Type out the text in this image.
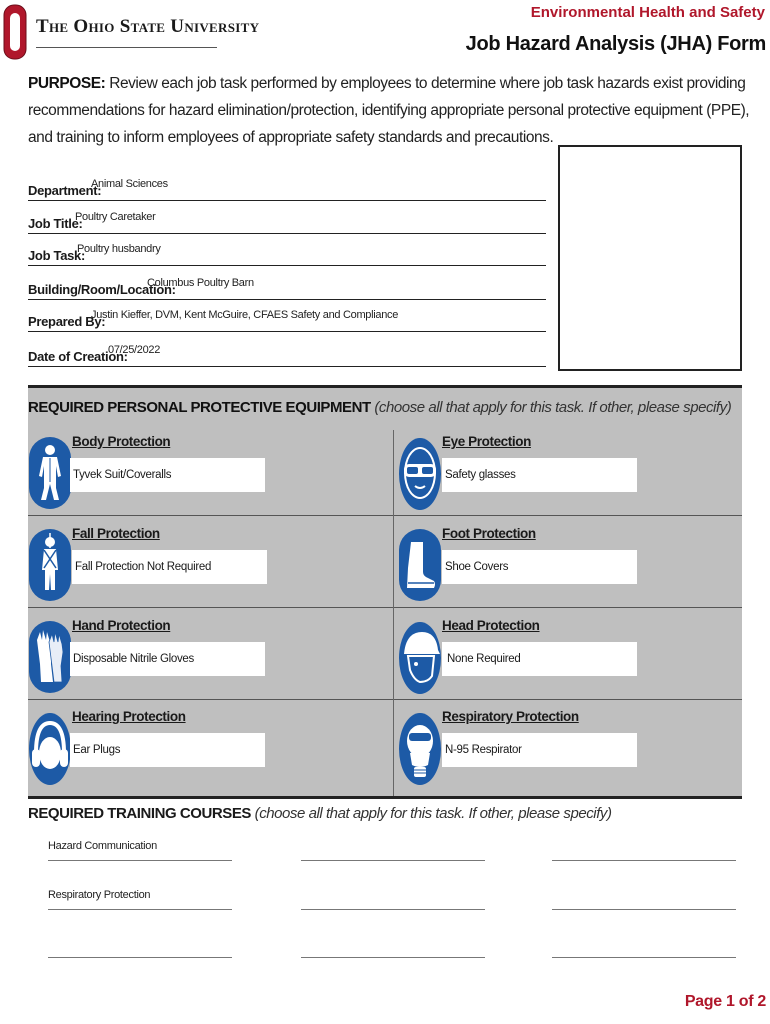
The Ohio State University
Environmental Health and Safety
Job Hazard Analysis (JHA) Form
PURPOSE: Review each job task performed by employees to determine where job task hazards exist providing recommendations for hazard elimination/protection, identifying appropriate personal protective equipment (PPE), and training to inform employees of appropriate safety standards and precautions.
Department:
Animal Sciences
Job Title:
Poultry Caretaker
Job Task:
Poultry husbandry
Building/Room/Location:
Columbus Poultry Barn
Prepared By:
Justin Kieffer, DVM, Kent McGuire, CFAES Safety and Compliance
Date of Creation:
07/25/2022
REQUIRED PERSONAL PROTECTIVE EQUIPMENT (choose all that apply for this task. If other, please specify)
Body Protection
Tyvek Suit/Coveralls
Eye Protection
Safety glasses
Fall Protection
Fall Protection Not Required
Foot Protection
Shoe Covers
Hand Protection
Disposable Nitrile Gloves
Head Protection
None Required
Hearing Protection
Ear Plugs
Respiratory Protection
N-95 Respirator
REQUIRED TRAINING COURSES (choose all that apply for this task. If other, please specify)
Hazard Communication
Respiratory Protection
Page 1 of 2
